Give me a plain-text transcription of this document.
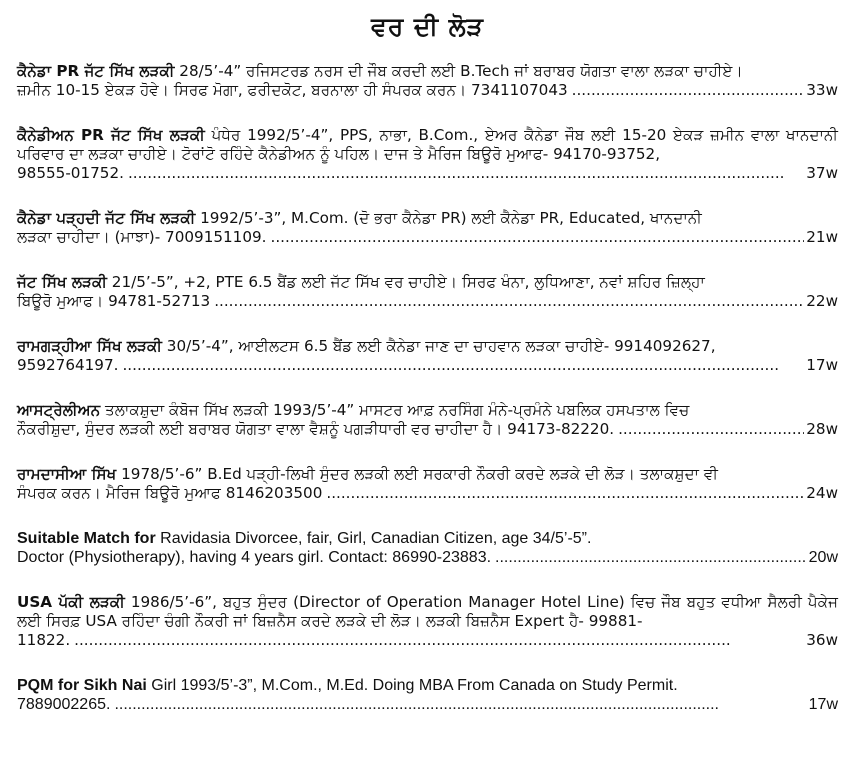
ਵਰ ਦੀ ਲੋੜ
ਕੈਨੇਡਾ PR ਜੱਟ ਸਿੱਖ ਲੜਕੀ 28/5’-4” ਰਜਿਸਟਰਡ ਨਰਸ ਦੀ ਜੌਬ ਕਰਦੀ ਲਈ B.Tech ਜਾਂ ਬਰਾਬਰ ਯੋਗਤਾ ਵਾਲਾ ਲੜਕਾ ਚਾਹੀਏ।
ਜ਼ਮੀਨ 10-15 ਏਕੜ ਹੋਵੇ। ਸਿਰਫ ਮੋਗਾ, ਫਰੀਦਕੋਟ, ਬਰਨਾਲਾ ਹੀ ਸੰਪਰਕ ਕਰਨ। 7341107043 .....	33w
ਕੈਨੇਡੀਅਨ PR ਜੱਟ ਸਿੱਖ ਲੜਕੀ ਪੰਧੇਰ 1992/5’-4”, PPS, ਨਾਭਾ, B.Com., ਏਅਰ ਕੈਨੇਡਾ ਜੌਬ ਲਈ 15-20 ਏਕੜ ਜ਼ਮੀਨ ਵਾਲਾ ਖਾਨਦਾਨੀ ਪਰਿਵਾਰ ਦਾ ਲੜਕਾ ਚਾਹੀਏ। ਟੋਰਾਂਟੋ ਰਹਿੰਦੇ ਕੈਨੇਡੀਅਨ ਨੂੰ ਪਹਿਲ। ਦਾਜ ਤੇ ਮੈਰਿਜ ਬਿਊਰੋ ਮੁਆਫ- 94170-93752,
98555-01752. .....	37w
ਕੈਨੇਡਾ ਪੜ੍ਹਦੀ ਜੱਟ ਸਿੱਖ ਲੜਕੀ 1992/5’-3”, M.Com. (ਦੋ ਭਰਾ ਕੈਨੇਡਾ PR) ਲਈ ਕੈਨੇਡਾ PR, Educated, ਖਾਨਦਾਨੀ
ਲੜਕਾ ਚਾਹੀਦਾ। (ਮਾਝਾ)- 7009151109. .....	21w
ਜੱਟ ਸਿੱਖ ਲੜਕੀ 21/5’-5”, +2, PTE 6.5 ਬੈਂਡ ਲਈ ਜੱਟ ਸਿੱਖ ਵਰ ਚਾਹੀਏ। ਸਿਰਫ ਖੰਨਾ, ਲੁਧਿਆਣਾ, ਨਵਾਂ ਸ਼ਹਿਰ ਜ਼ਿਲ੍ਹਾ
ਬਿਊਰੋ ਮੁਆਫ। 94781-52713 .....	22w
ਰਾਮਗੜ੍ਹੀਆ ਸਿੱਖ ਲੜਕੀ 30/5’-4”, ਆਈਲਟਸ 6.5 ਬੈਂਡ ਲਈ ਕੈਨੇਡਾ ਜਾਣ ਦਾ ਚਾਹਵਾਨ ਲੜਕਾ ਚਾਹੀਏ- 9914092627,
9592764197. .....	17w
ਆਸਟ੍ਰੇਲੀਅਨ ਤਲਾਕਸ਼ੁਦਾ ਕੰਬੋਜ ਸਿੱਖ ਲੜਕੀ 1993/5’-4” ਮਾਸਟਰ ਆਫ਼ ਨਰਸਿੰਗ ਮੰਨੇ-ਪ੍ਰਮੰਨੇ ਪਬਲਿਕ ਹਸਪਤਾਲ ਵਿਚ
ਨੌਕਰੀਸ਼ੁਦਾ, ਸੁੰਦਰ ਲੜਕੀ ਲਈ ਬਰਾਬਰ ਯੋਗਤਾ ਵਾਲਾ ਵੈਸ਼ਨੂੰ ਪਗੜੀਧਾਰੀ ਵਰ ਚਾਹੀਦਾ ਹੈ। 94173-82220. .....	28w
ਰਾਮਦਾਸੀਆ ਸਿੱਖ 1978/5’-6” B.Ed ਪੜ੍ਹੀ-ਲਿਖੀ ਸੁੰਦਰ ਲੜਕੀ ਲਈ ਸਰਕਾਰੀ ਨੌਕਰੀ ਕਰਦੇ ਲੜਕੇ ਦੀ ਲੋੜ। ਤਲਾਕਸ਼ੁਦਾ ਵੀ
ਸੰਪਰਕ ਕਰਨ। ਮੈਰਿਜ ਬਿਊਰੋ ਮੁਆਫ 8146203500 .....	24w
Suitable Match for Ravidasia Divorcee, fair, Girl, Canadian Citizen, age 34/5’-5”.
Doctor (Physiotherapy), having 4 years girl. Contact: 86990-23883. .....	20w
USA ਪੱਕੀ ਲੜਕੀ 1986/5’-6”, ਬਹੁਤ ਸੁੰਦਰ (Director of Operation Manager Hotel Line) ਵਿਚ ਜੌਬ ਬਹੁਤ ਵਧੀਆ ਸੈਲਰੀ ਪੈਕੇਜ ਲਈ ਸਿਰਫ਼ USA ਰਹਿੰਦਾ ਚੰਗੀ ਨੌਕਰੀ ਜਾਂ ਬਿਜ਼ਨੈਸ ਕਰਦੇ ਲੜਕੇ ਦੀ ਲੋੜ। ਲੜਕੀ ਬਿਜ਼ਨੈਸ Expert ਹੈ- 99881-
11822. .....	36w
PQM for Sikh Nai Girl 1993/5’-3”, M.Com., M.Ed. Doing MBA From Canada on Study Permit.
7889002265. .....	17w
